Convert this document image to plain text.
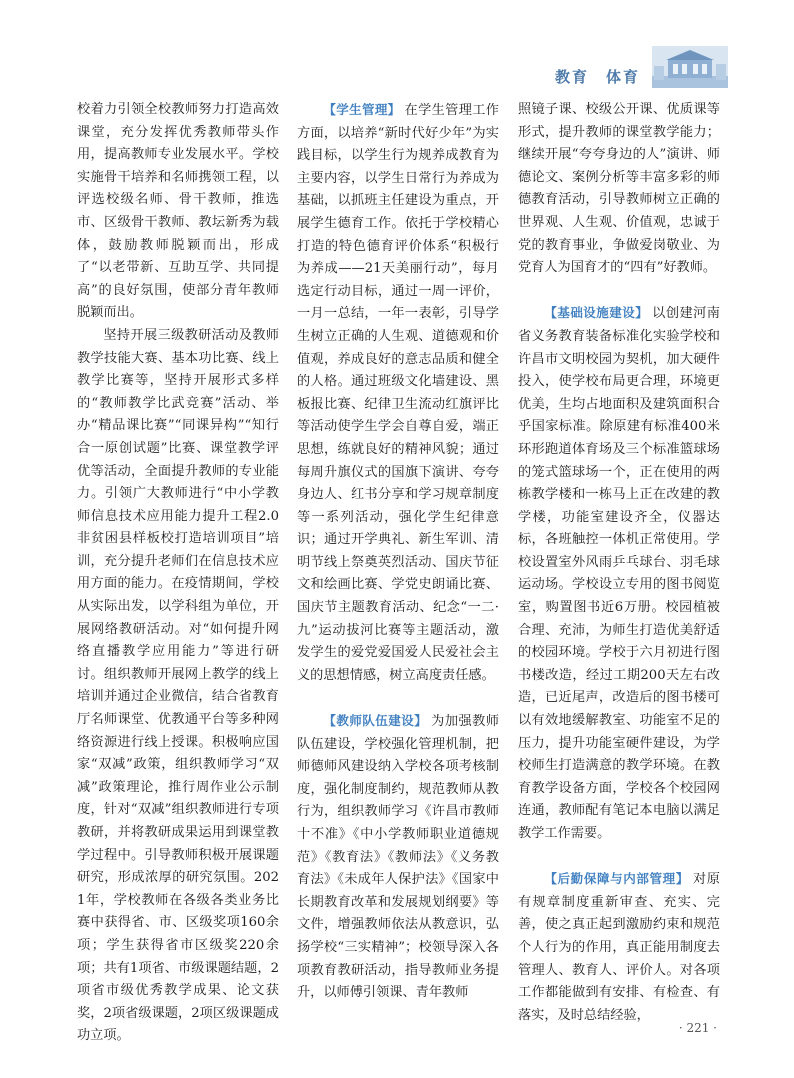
教育　体育

校着力引领全校教师努力打造高效课堂，充分发挥优秀教师带头作用，提高教师专业发展水平。学校实施骨干培养和名师携领工程，以评选校级名师、骨干教师，推选市、区级骨干教师、教坛新秀为载体，鼓励教师脱颖而出，形成了“以老带新、互助互学、共同提高”的良好氛围，使部分青年教师脱颖而出。

坚持开展三级教研活动及教师教学技能大赛、基本功比赛、线上教学比赛等，坚持开展形式多样的“教师教学比武竞赛”活动、举办“精品课比赛”“同课异构”“知行合一原创试题”比赛、课堂教学评优等活动，全面提升教师的专业能力。引领广大教师进行“中小学教师信息技术应用能力提升工程2.0非贫困县样板校打造培训项目”培训，充分提升老师们在信息技术应用方面的能力。在疫情期间，学校从实际出发，以学科组为单位，开展网络教研活动。对“如何提升网络直播教学应用能力”等进行研讨。组织教师开展网上教学的线上培训并通过企业微信，结合省教育厅名师课堂、优教通平台等多种网络资源进行线上授课。积极响应国家“双减”政策，组织教师学习“双减”政策理论，推行周作业公示制度，针对“双减”组织教师进行专项教研，并将教研成果运用到课堂教学过程中。引导教师积极开展课题研究，形成浓厚的研究氛围。2021年，学校教师在各级各类业务比赛中获得省、市、区级奖项160余项；学生获得省市区级奖220余项；共有1项省、市级课题结题，2项省市级优秀教学成果、论文获奖，2项省级课题，2项区级课题成功立项。

【学生管理】 在学生管理工作方面，以培养“新时代好少年”为实践目标，以学生行为规养成教育为主要内容，以学生日常行为养成为基础，以抓班主任建设为重点，开展学生德育工作。依托于学校精心打造的特色德育评价体系“积极行为养成——21天美丽行动”，每月选定行动目标，通过一周一评价，一月一总结，一年一表彰，引导学生树立正确的人生观、道德观和价值观，养成良好的意志品质和健全的人格。通过班级文化墙建设、黑板报比赛、纪律卫生流动红旗评比等活动使学生学会自尊自爱，端正思想，练就良好的精神风貌；通过每周升旗仪式的国旗下演讲、夸夸身边人、红书分享和学习规章制度等一系列活动，强化学生纪律意识；通过开学典礼、新生军训、清明节线上祭奠英烈活动、国庆节征文和绘画比赛、学党史朗诵比赛、国庆节主题教育活动、纪念“一二·九”运动拔河比赛等主题活动，激发学生的爱党爱国爱人民爱社会主义的思想情感，树立高度责任感。

【教师队伍建设】 为加强教师队伍建设，学校强化管理机制，把师德师风建设纳入学校各项考核制度，强化制度制约，规范教师从教行为，组织教师学习《许昌市教师十不准》《中小学教师职业道德规范》《教育法》《教师法》《义务教育法》《未成年人保护法》《国家中长期教育改革和发展规划纲要》等文件，增强教师依法从教意识，弘扬学校“三实精神”；校领导深入各项教育教研活动，指导教师业务提升，以师傅引领课、青年教师

照镜子课、校级公开课、优质课等形式，提升教师的课堂教学能力；继续开展“夸夸身边的人”演讲、师德论文、案例分析等丰富多彩的师德教育活动，引导教师树立正确的世界观、人生观、价值观，忠诚于党的教育事业，争做爱岗敬业、为党育人为国育才的“四有”好教师。

【基础设施建设】 以创建河南省义务教育装备标准化实验学校和许昌市文明校园为契机，加大硬件投入，使学校布局更合理，环境更优美，生均占地面积及建筑面积合乎国家标准。除原建有标准400米环形跑道体育场及三个标准篮球场的笼式篮球场一个，正在使用的两栋教学楼和一栋马上正在改建的教学楼，功能室建设齐全，仪器达标，各班触控一体机正常使用。学校设置室外风雨乒乓球台、羽毛球运动场。学校设立专用的图书阅览室，购置图书近6万册。校园植被合理、充沛，为师生打造优美舒适的校园环境。学校于六月初进行图书楼改造，经过工期200天左右改造，已近尾声，改造后的图书楼可以有效地缓解教室、功能室不足的压力，提升功能室硬件建设，为学校师生打造满意的教学环境。在教育教学设备方面，学校各个校园网连通，教师配有笔记本电脑以满足教学工作需要。

【后勤保障与内部管理】 对原有规章制度重新审查、充实、完善，使之真正起到激励约束和规范个人行为的作用，真正能用制度去管理人、教育人、评价人。对各项工作都能做到有安排、有检查、有落实，及时总结经验，

· 221 ·
